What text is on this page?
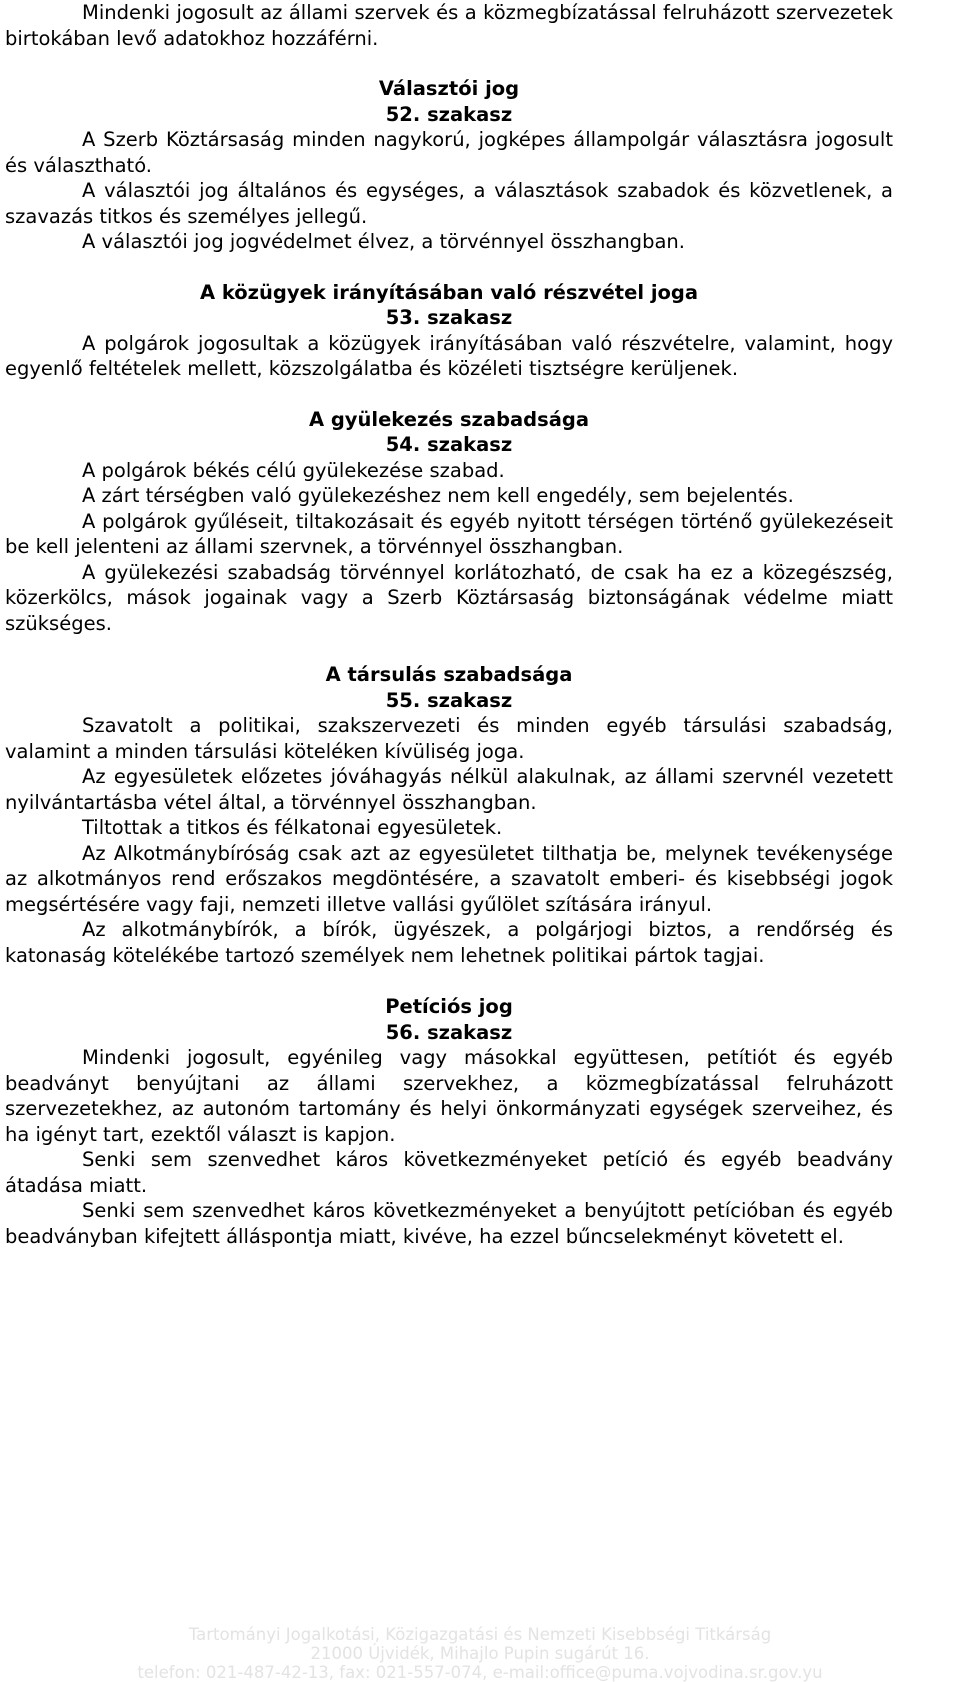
Mindenki jogosult az állami szervek és a közmegbízatással felruházott szervezetek birtokában levő adatokhoz hozzáférni.

Választói jog
52. szakasz

A Szerb Köztársaság minden nagykorú, jogképes állampolgár választásra jogosult és választható.

A választói jog általános és egységes, a választások szabadok és közvetlenek, a szavazás titkos és személyes jellegű.

A választói jog jogvédelmet élvez, a törvénnyel összhangban.

A közügyek irányításában való részvétel joga
53. szakasz

A polgárok jogosultak a közügyek irányításában való részvételre, valamint, hogy egyenlő feltételek mellett, közszolgálatba és közéleti tisztségre kerüljenek.

A gyülekezés szabadsága
54. szakasz

A polgárok békés célú gyülekezése szabad.

A zárt térségben való gyülekezéshez nem kell engedély, sem bejelentés.

A polgárok gyűléseit, tiltakozásait és egyéb nyitott térségen történő gyülekezéseit be kell jelenteni az állami szervnek, a törvénnyel összhangban.

A gyülekezési szabadság törvénnyel korlátozható, de csak ha ez a közegészség, közerkölcs, mások jogainak vagy a Szerb Köztársaság biztonságának védelme miatt szükséges.

A társulás szabadsága
55. szakasz

Szavatolt a politikai, szakszervezeti és minden egyéb társulási szabadság, valamint a minden társulási köteléken kívüliség joga.

Az egyesületek előzetes jóváhagyás nélkül alakulnak, az állami szervnél vezetett nyilvántartásba vétel által, a törvénnyel összhangban.

Tiltottak a titkos és félkatonai egyesületek.

Az Alkotmánybíróság csak azt az egyesületet tilthatja be, melynek tevékenysége az alkotmányos rend erőszakos megdöntésére, a szavatolt emberi- és kisebbségi jogok megsértésére vagy faji, nemzeti illetve vallási gyűlölet szítására irányul.

Az alkotmánybírók, a bírók, ügyészek, a polgárjogi biztos, a rendőrség és katonaság kötelékébe tartozó személyek nem lehetnek politikai pártok tagjai.

Petíciós jog
56. szakasz

Mindenki jogosult, egyénileg vagy másokkal együttesen, petítiót és egyéb beadványt benyújtani az állami szervekhez, a közmegbízatással felruházott szervezetekhez, az autonóm tartomány és helyi önkormányzati egységek szerveihez, és ha igényt tart, ezektől választ is kapjon.

Senki sem szenvedhet káros következményeket petíció és egyéb beadvány átadása miatt.

Senki sem szenvedhet káros következményeket a benyújtott petícióban és egyéb beadványban kifejtett álláspontja miatt, kivéve, ha ezzel bűncselekményt követett el.

Tartományi Jogalkotási, Közigazgatási és Nemzeti Kisebbségi Titkárság
21000 Újvidék, Mihajlo Pupin sugárút 16.
telefon: 021-487-42-13, fax: 021-557-074, e-mail:office@puma.vojvodina.sr.gov.yu
